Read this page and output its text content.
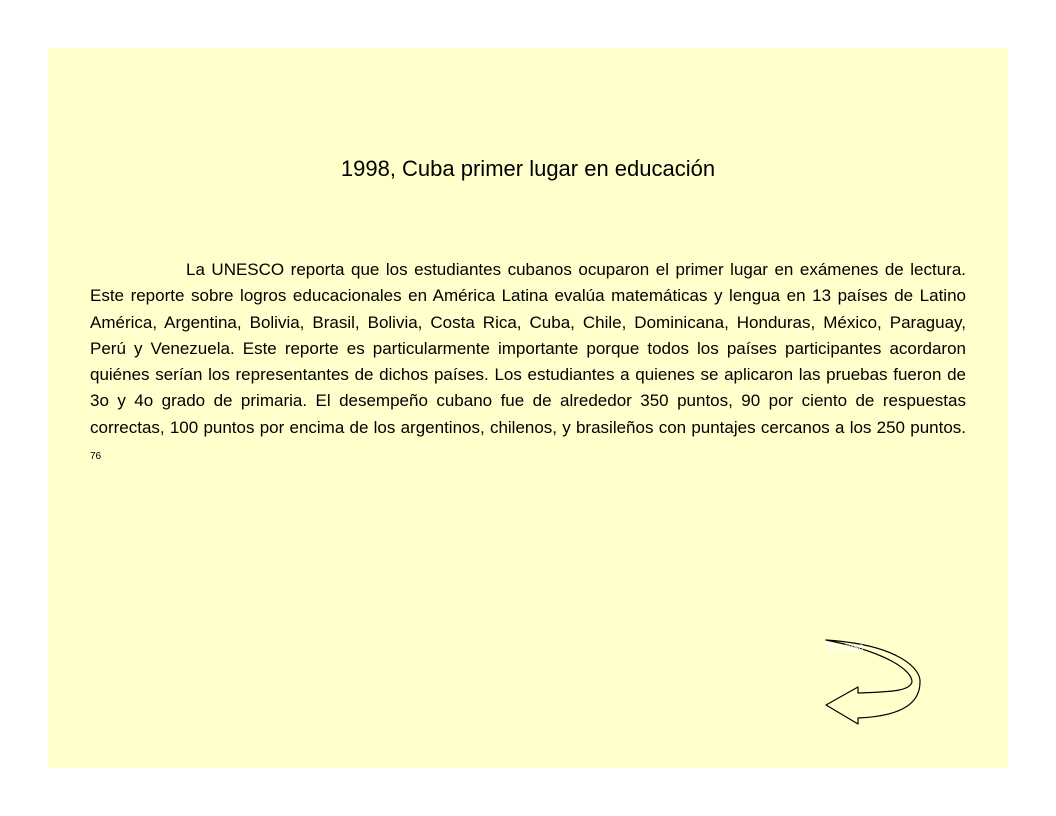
1998, Cuba primer lugar en educación

La UNESCO reporta que los estudiantes cubanos ocuparon el primer lugar en exámenes de lectura. Este reporte sobre logros educacionales en América Latina evalúa matemáticas y lengua en 13 países de Latino América, Argentina, Bolivia, Brasil, Bolivia, Costa Rica, Cuba, Chile, Dominicana, Honduras, México, Paraguay, Perú y Venezuela. Este reporte es particularmente importante porque todos los países participantes acordaron quiénes serían los representantes de dichos países. Los estudiantes a quienes se aplicaron las pruebas fueron de 3o y 4o grado de primaria. El desempeño cubano fue de alrededor 350 puntos, 90 por ciento de respuestas correctas, 100 puntos por encima de los argentinos, chilenos, y brasileños con puntajes cercanos a los 250 puntos. 76

Regreso
